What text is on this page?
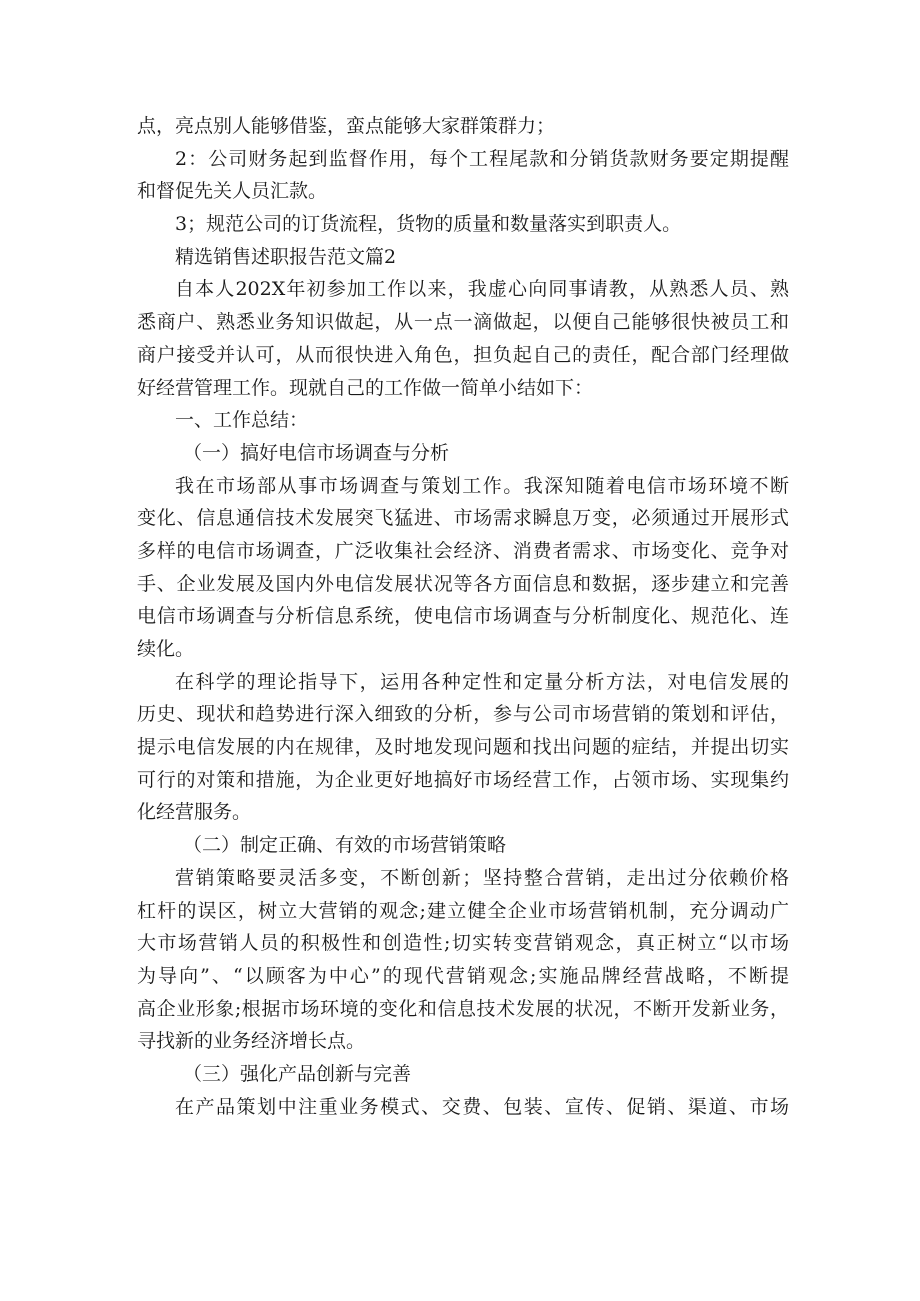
点，亮点别人能够借鉴，蛮点能够大家群策群力；
2：公司财务起到监督作用，每个工程尾款和分销货款财务要定期提醒
和督促先关人员汇款。
3；规范公司的订货流程，货物的质量和数量落实到职责人。
精选销售述职报告范文篇2
自本人202X年初参加工作以来，我虚心向同事请教，从熟悉人员、熟
悉商户、熟悉业务知识做起，从一点一滴做起，以便自己能够很快被员工和
商户接受并认可，从而很快进入角色，担负起自己的责任，配合部门经理做
好经营管理工作。现就自己的工作做一简单小结如下：
一、工作总结：
（一）搞好电信市场调查与分析
我在市场部从事市场调查与策划工作。我深知随着电信市场环境不断
变化、信息通信技术发展突飞猛进、市场需求瞬息万变，必须通过开展形式
多样的电信市场调查，广泛收集社会经济、消费者需求、市场变化、竞争对
手、企业发展及国内外电信发展状况等各方面信息和数据，逐步建立和完善
电信市场调查与分析信息系统，使电信市场调查与分析制度化、规范化、连
续化。
在科学的理论指导下，运用各种定性和定量分析方法，对电信发展的
历史、现状和趋势进行深入细致的分析，参与公司市场营销的策划和评估，
提示电信发展的内在规律，及时地发现问题和找出问题的症结，并提出切实
可行的对策和措施，为企业更好地搞好市场经营工作，占领市场、实现集约
化经营服务。
（二）制定正确、有效的市场营销策略
营销策略要灵活多变，不断创新；坚持整合营销，走出过分依赖价格
杠杆的误区，树立大营销的观念;建立健全企业市场营销机制，充分调动广
大市场营销人员的积极性和创造性;切实转变营销观念，真正树立“以市场
为导向”、“以顾客为中心”的现代营销观念;实施品牌经营战略，不断提
高企业形象;根据市场环境的变化和信息技术发展的状况，不断开发新业务，
寻找新的业务经济增长点。
（三）强化产品创新与完善
在产品策划中注重业务模式、交费、包装、宣传、促销、渠道、市场
